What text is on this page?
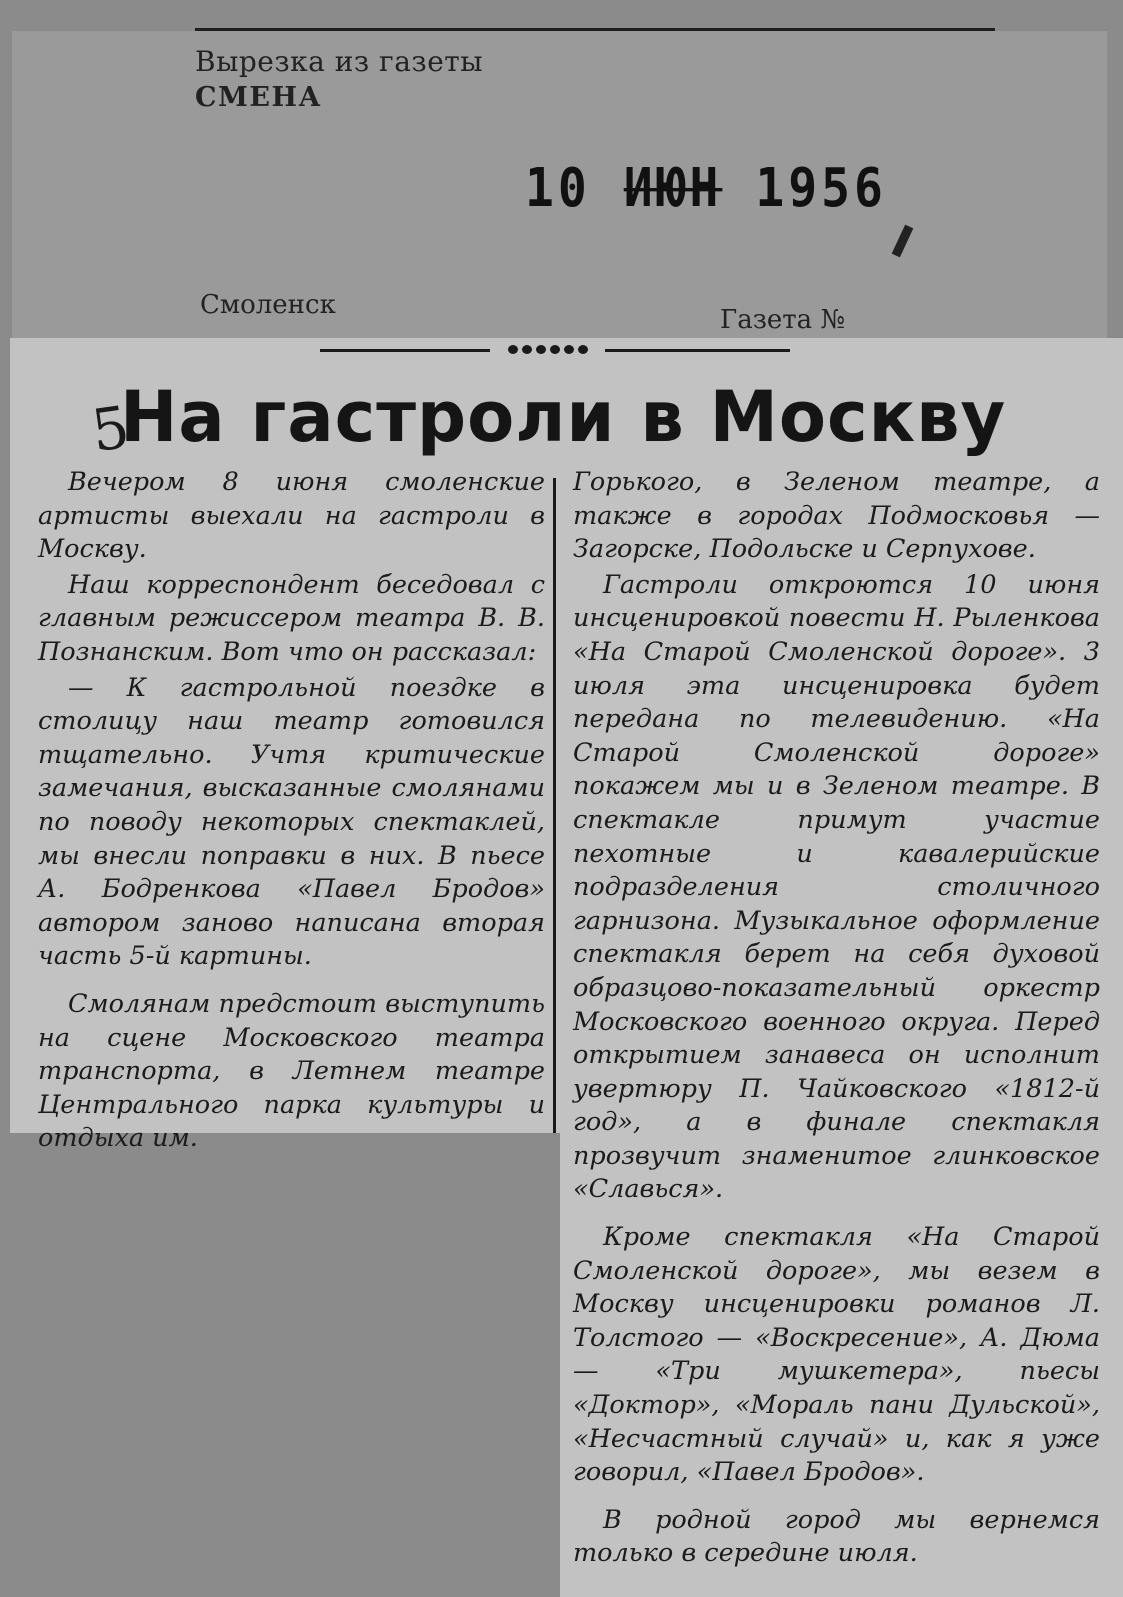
Вырезка из газеты
СМЕНА
10 ИЮН 1956
Смоленск	Газета №
5
На гастроли в Москву

Вечером 8 июня смоленские артисты выехали на гастроли в Москву.

Наш корреспондент беседовал с главным режиссером театра В. В. Познанским. Вот что он рассказал:

— К гастрольной поездке в столицу наш театр готовился тщательно. Учтя критические замечания, высказанные смолянами по поводу некоторых спектаклей, мы внесли поправки в них. В пьесе А. Бодренкова «Павел Бродов» автором заново написана вторая часть 5-й картины.

Смолянам предстоит выступить на сцене Московского театра транспорта, в Летнем театре Центрального парка культуры и отдыха им.

Горького, в Зеленом театре, а также в городах Подмосковья — Загорске, Подольске и Серпухове.

Гастроли откроются 10 июня инсценировкой повести Н. Рыленкова «На Старой Смоленской дороге». 3 июля эта инсценировка будет передана по телевидению. «На Старой Смоленской дороге» покажем мы и в Зеленом театре. В спектакле примут участие пехотные и кавалерийские подразделения столичного гарнизона. Музыкальное оформление спектакля берет на себя духовой образцово-показательный оркестр Московского военного округа. Перед открытием занавеса он исполнит увертюру П. Чайковского «1812-й год», а в финале спектакля прозвучит знаменитое глинковское «Славься».

Кроме спектакля «На Старой Смоленской дороге», мы везем в Москву инсценировки романов Л. Толстого — «Воскресение», А. Дюма — «Три мушкетера», пьесы «Доктор», «Мораль пани Дульской», «Несчастный случай» и, как я уже говорил, «Павел Бродов».

В родной город мы вернемся только в середине июля.
